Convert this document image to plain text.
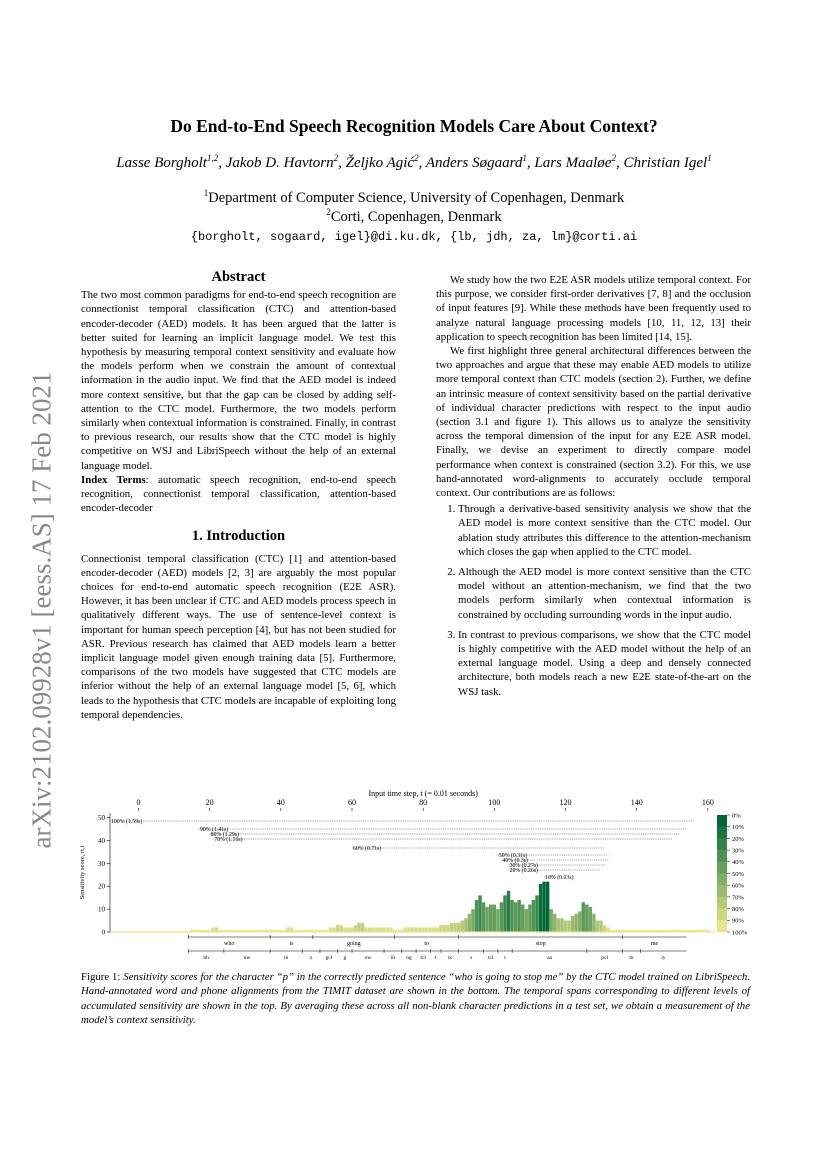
arXiv:2102.09928v1 [eess.AS] 17 Feb 2021
Do End-to-End Speech Recognition Models Care About Context?
Lasse Borgholt$^{1,2}$, Jakob D. Havtorn$^2$, Željko Agić$^2$, Anders Søgaard$^1$, Lars Maaløe$^2$, Christian Igel$^1$
$^1$Department of Computer Science, University of Copenhagen, Denmark
$^2$Corti, Copenhagen, Denmark
{borgholt, sogaard, igel}@di.ku.dk, {lb, jdh, za, lm}@corti.ai

Abstract

The two most common paradigms for end-to-end speech recognition are connectionist temporal classification (CTC) and attention-based encoder-decoder (AED) models. It has been argued that the latter is better suited for learning an implicit language model. We test this hypothesis by measuring temporal context sensitivity and evaluate how the models perform when we constrain the amount of contextual information in the audio input. We find that the AED model is indeed more context sensitive, but that the gap can be closed by adding self-attention to the CTC model. Furthermore, the two models perform similarly when contextual information is constrained. Finally, in contrast to previous research, our results show that the CTC model is highly competitive on WSJ and LibriSpeech without the help of an external language model.

Index Terms: automatic speech recognition, end-to-end speech recognition, connectionist temporal classification, attention-based encoder-decoder

1. Introduction

Connectionist temporal classification (CTC) [1] and attention-based encoder-decoder (AED) models [2, 3] are arguably the most popular choices for end-to-end automatic speech recognition (E2E ASR). However, it has been unclear if CTC and AED models process speech in qualitatively different ways. The use of sentence-level context is important for human speech perception [4], but has not been studied for ASR. Previous research has claimed that AED models learn a better implicit language model given enough training data [5]. Furthermore, comparisons of the two models have suggested that CTC models are inferior without the help of an external language model [5, 6], which leads to the hypothesis that CTC models are incapable of exploiting long temporal dependencies.

We study how the two E2E ASR models utilize temporal context. For this purpose, we consider first-order derivatives [7, 8] and the occlusion of input features [9]. While these methods have been frequently used to analyze natural language processing models [10, 11, 12, 13] their application to speech recognition has been limited [14, 15].

We first highlight three general architectural differences between the two approaches and argue that these may enable AED models to utilize more temporal context than CTC models (section 2). Further, we define an intrinsic measure of context sensitivity based on the partial derivative of individual character predictions with respect to the input audio (section 3.1 and figure 1). This allows us to analyze the sensitivity across the temporal dimension of the input for any E2E ASR model. Finally, we devise an experiment to directly compare model performance when context is constrained (section 3.2). For this, we use hand-annotated word-alignments to accurately occlude temporal context. Our contributions are as follows:

1. Through a derivative-based sensitivity analysis we show that the AED model is more context sensitive than the CTC model. Our ablation study attributes this difference to the attention-mechanism which closes the gap when applied to the CTC model.
2. Although the AED model is more context sensitive than the CTC model without an attention-mechanism, we find that the two models perform similarly when contextual information is constrained by occluding surrounding words in the input audio.
3. In contrast to previous comparisons, we show that the CTC model is highly competitive with the AED model without the help of an external language model. Using a deep and densely connected architecture, both models reach a new E2E state-of-the-art on the WSJ task.
Input time step, t (= 0.01 seconds)
0	20	40	60	80	100	120	140	160
0
10
20
30
40
50
Sensitivity score, rt,i
100% (1.59s)
90% (1.41s)
80% (1.29s)
70% (1.16s)
60% (0.71s)
50% (0.31s)
40% (0.3s)
30% (0.27s)
20% (0.26s)
10% (0.03s)
0%
10%
20%
30%
40%
50%
60%
70%
80%
90%
100%
who	is	going	to	stop	me
hh	uw	ih	z gcl g	ow	ih ng tcl t ix	s	tcl t	aa	pcl	m	iy
Figure 1: Sensitivity scores for the character “p” in the correctly predicted sentence “who is going to stop me” by the CTC model trained on LibriSpeech. Hand-annotated word and phone alignments from the TIMIT dataset are shown in the bottom. The temporal spans corresponding to different levels of accumulated sensitivity are shown in the top. By averaging these across all non-blank character predictions in a test set, we obtain a measurement of the model’s context sensitivity.
